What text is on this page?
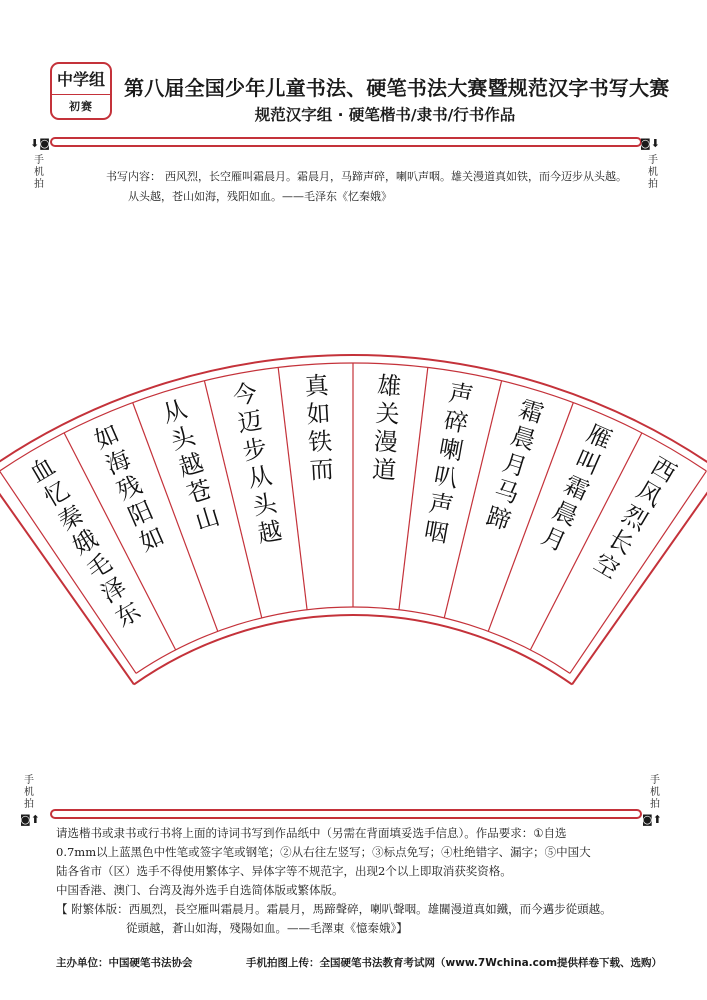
中学组
初赛
第八届全国少年儿童书法、硬笔书法大赛暨规范汉字书写大赛
规范汉字组 · 硬笔楷书/隶书/行书作品
⬇◙
手
机
拍
◙⬇
手
机
拍
书写内容： 西风烈，长空雁叫霜晨月。霜晨月，马蹄声碎，喇叭声咽。雄关漫道真如铁，而今迈步从头越。
从头越，苍山如海，残阳如血。——毛泽东《忆秦娥》
西
风
烈
长
空
雁
叫
霜
晨
月
霜
晨
月
马
蹄
声
碎
喇
叭
声
咽
雄
关
漫
道
真
如
铁
而
今
迈
步
从
头
越
从
头
越
苍
山
如
海
残
阳
如
血
忆
秦
娥
毛
泽
东
手
机
拍
◙⬆
手
机
拍
◙⬆
请选楷书或隶书或行书将上面的诗词书写到作品纸中（另需在背面填妥选手信息）。作品要求：①自选
0.7mm以上蓝黑色中性笔或签字笔或钢笔；②从右往左竖写；③标点免写；④杜绝错字、漏字；⑤中国大
陆各省市（区）选手不得使用繁体字、异体字等不规范字，出现2个以上即取消获奖资格。
中国香港、澳门、台湾及海外选手自选简体版或繁体版。
【 附繁体版：西風烈，長空雁叫霜晨月。霜晨月，馬蹄聲碎，喇叭聲咽。雄關漫道真如鐵，而今邁步從頭越。
從頭越，蒼山如海，殘陽如血。——毛澤東《憶秦娥》】
主办单位：中国硬笔书法协会	手机拍图上传：全国硬笔书法教育考试网（www.7Wchina.com提供样卷下载、选购）
